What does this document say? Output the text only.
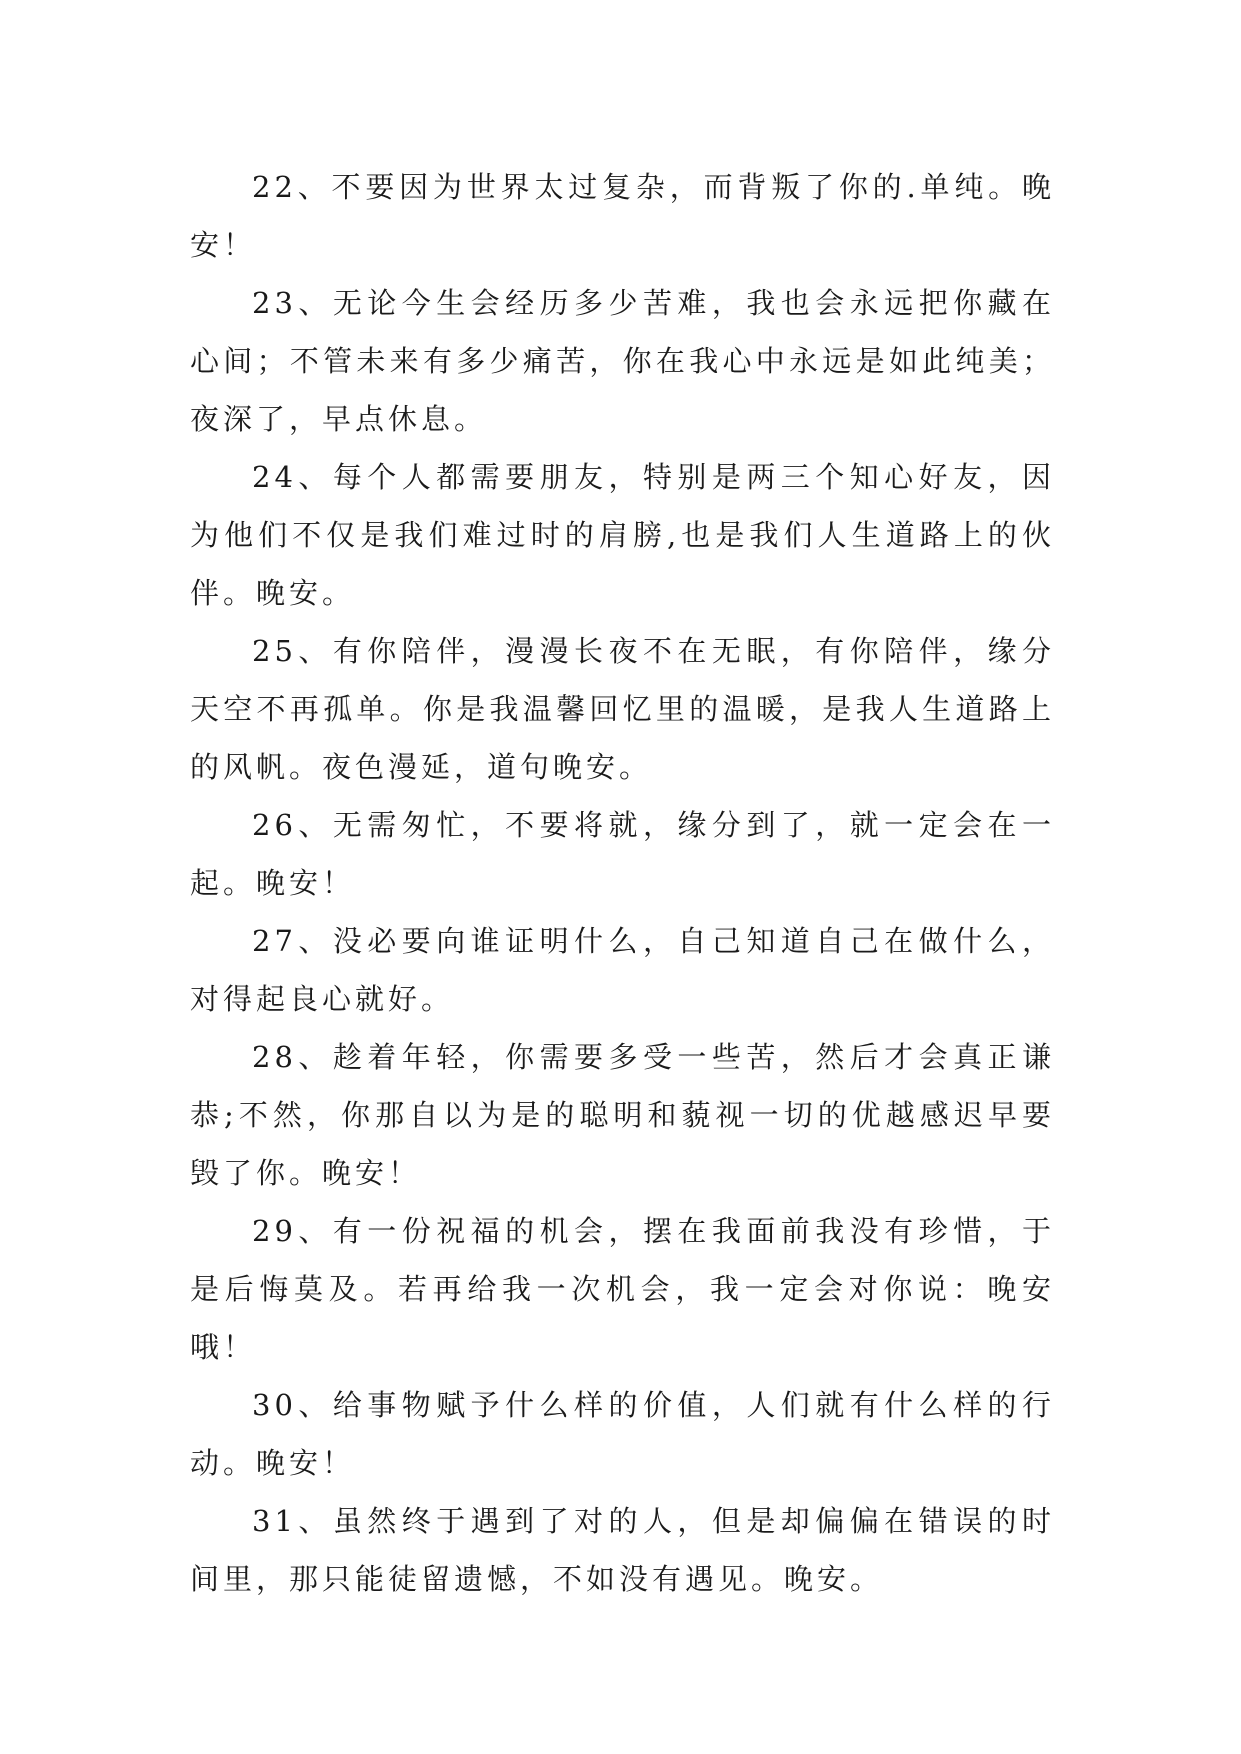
22、不要因为世界太过复杂，而背叛了你的.单纯。晚安！

23、无论今生会经历多少苦难，我也会永远把你藏在心间；不管未来有多少痛苦，你在我心中永远是如此纯美；夜深了，早点休息。

24、每个人都需要朋友，特别是两三个知心好友，因为他们不仅是我们难过时的肩膀,也是我们人生道路上的伙伴。晚安。

25、有你陪伴，漫漫长夜不在无眠，有你陪伴，缘分天空不再孤单。你是我温馨回忆里的温暖，是我人生道路上的风帆。夜色漫延，道句晚安。

26、无需匆忙，不要将就，缘分到了，就一定会在一起。晚安！

27、没必要向谁证明什么，自己知道自己在做什么，对得起良心就好。

28、趁着年轻，你需要多受一些苦，然后才会真正谦恭;不然，你那自以为是的聪明和藐视一切的优越感迟早要毁了你。晚安！

29、有一份祝福的机会，摆在我面前我没有珍惜，于是后悔莫及。若再给我一次机会，我一定会对你说：晚安哦！

30、给事物赋予什么样的价值，人们就有什么样的行动。晚安！

31、虽然终于遇到了对的人，但是却偏偏在错误的时间里，那只能徒留遗憾，不如没有遇见。晚安。
